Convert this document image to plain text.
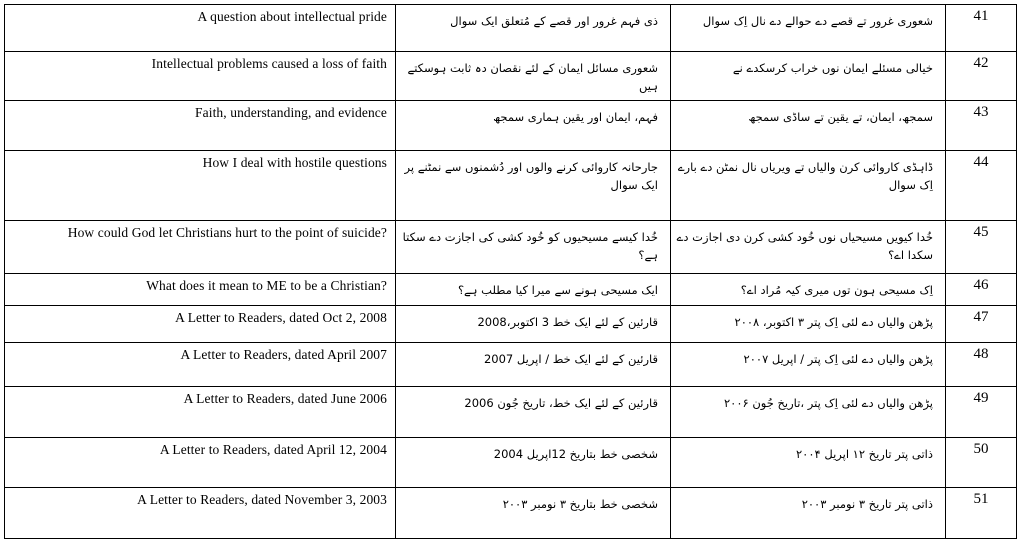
A question about intellectual pride	ذی فہم غرور اور قصے کے مُتعلق ایک سوال	شعوری غرور تے قصے دے حوالے دے نال اِک سوال	41
Intellectual problems caused a loss of faith	شعوری مسائل ایمان کے لئے نقصان دہ ثابت ہوسکتے ہیں	خیالی مسئلے ایمان نوں خراب کرسکدے نے	42
Faith, understanding, and evidence	فہم، ایمان اور یقین ہماری سمجھ	سمجھ، ایمان، تے یقین تے ساڈی سمجھ	43
How I deal with hostile questions	جارحانہ کاروائی کرنے والوں اور دُشمنوں سے نمٹنے پر ایک سوال	ڈاہڈی کاروائی کرن والیاں تے ویریاں نال نمٹن دے بارے اِک سوال	44
How could God let Christians hurt to the point of suicide?	خُدا کیسے مسیحیوں کو خُود کشی کی اجازت دے سکتا ہے؟	خُدا کیویں مسیحیاں نوں خُود کشی کرن دی اجازت دے سکدا اے؟	45
What does it mean to ME to be a Christian?	ایک مسیحی ہونے سے میرا کیا مطلب ہے؟	اِک مسیحی ہون توں میری کیہ مُراد اے؟	46
A Letter to Readers, dated Oct 2, 2008	قارئین کے لئے ایک خط 3 اکتوبر،2008	پڑھن والیاں دے لئی اِک پتر ۳ اکتوبر، ۲۰۰۸	47
A Letter to Readers, dated April 2007	قارئین کے لئے ایک خط / اپریل 2007	پڑھن والیاں دے لئی اِک پتر / اپریل ۲۰۰۷	48
A Letter to Readers, dated June 2006	قارئین کے لئے ایک خط، تاریخ جُون 2006	پڑھن والیاں دے لئی اِک پتر ،تاریخ جُون ۲۰۰۶	49
A Letter to Readers, dated April 12, 2004	شخصی خط بتاریخ 12اپریل 2004	ذاتی پتر تاریخ ۱۲ اپریل ۲۰۰۴	50
A Letter to Readers, dated November 3, 2003	شخصی خط بتاریخ ۳ نومبر ۲۰۰۳	ذاتی پتر تاریخ ۳ نومبر ۲۰۰۳	51
